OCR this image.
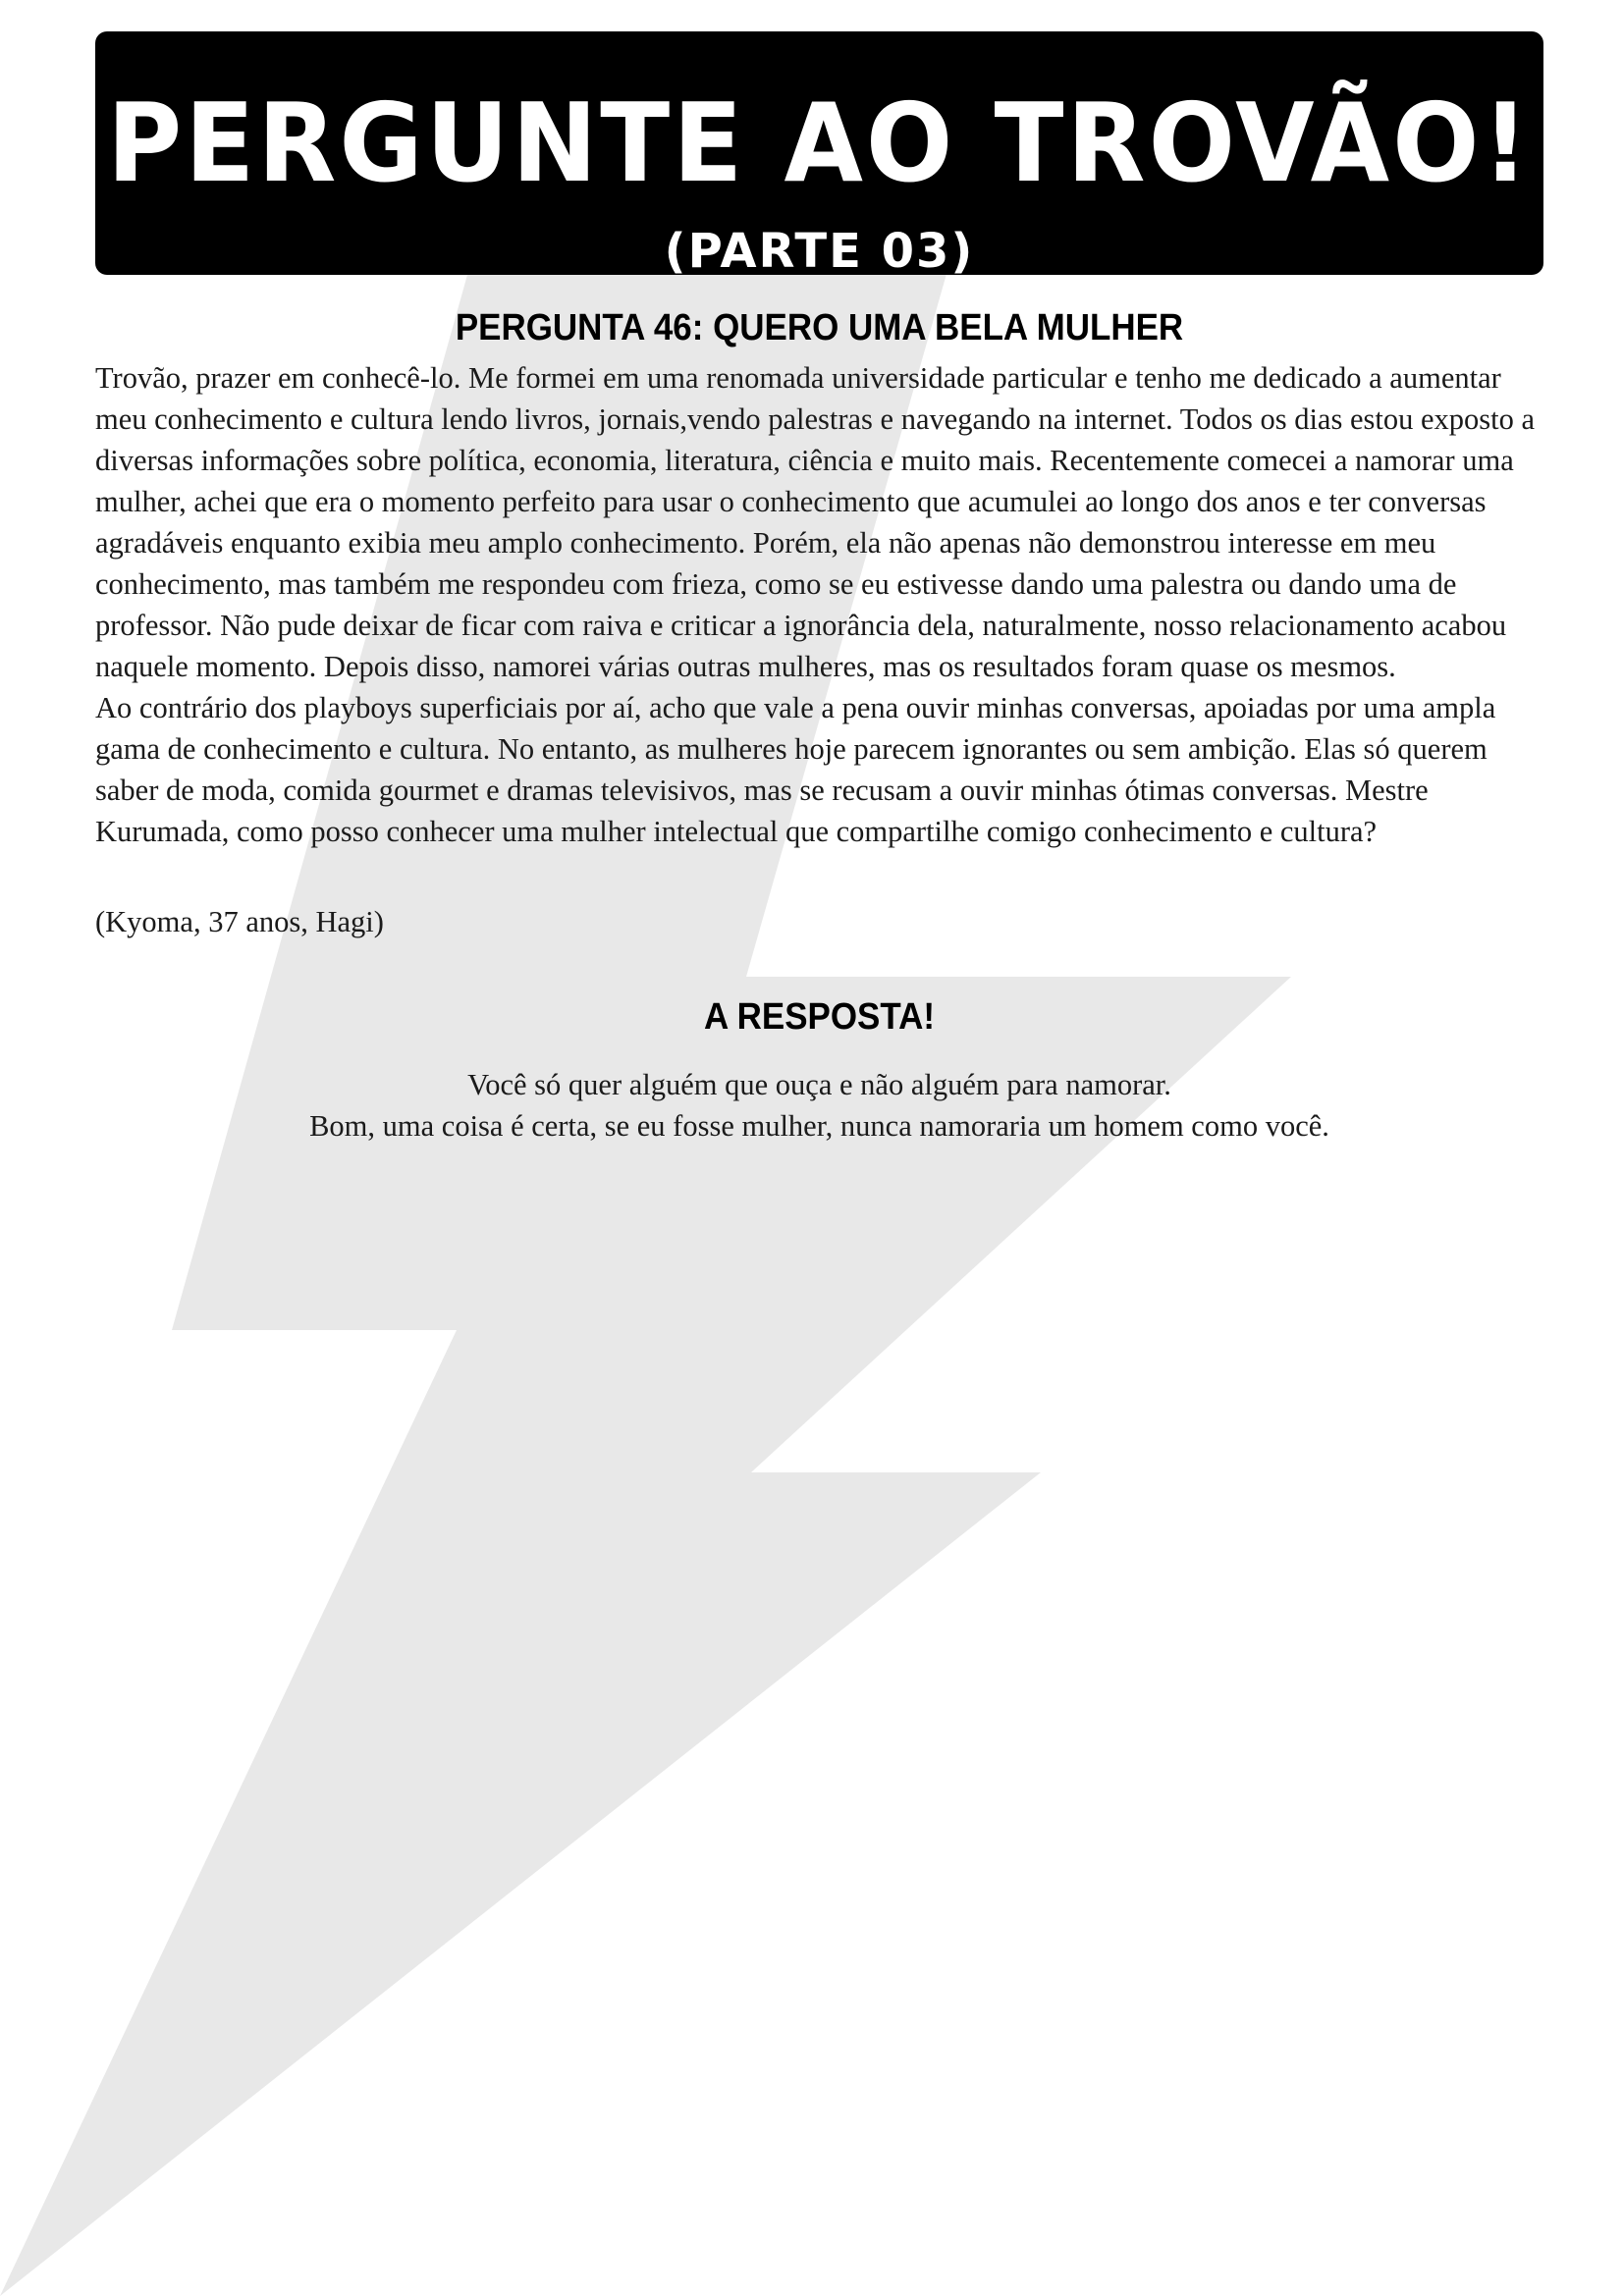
PERGUNTE AO TROVÃO!
(PARTE 03)
PERGUNTA 46: QUERO UMA BELA MULHER

Trovão, prazer em conhecê-lo. Me formei em uma renomada universidade particular e tenho me dedicado a aumentar meu conhecimento e cultura lendo livros, jornais,vendo palestras e navegando na internet. Todos os dias estou exposto a diversas informações sobre política, economia, literatura, ciência e muito mais. Recentemente comecei a namorar uma mulher, achei que era o momento perfeito para usar o conhecimento que acumulei ao longo dos anos e ter conversas agradáveis enquanto exibia meu amplo conhecimento. Porém, ela não apenas não demonstrou interesse em meu conhecimento, mas também me respondeu com frieza, como se eu estivesse dando uma palestra ou dando uma de professor. Não pude deixar de ficar com raiva e criticar a ignorância dela, naturalmente, nosso relacionamento acabou naquele momento. Depois disso, namorei várias outras mulheres, mas os resultados foram quase os mesmos.

Ao contrário dos playboys superficiais por aí, acho que vale a pena ouvir minhas conversas, apoiadas por uma ampla gama de conhecimento e cultura. No entanto, as mulheres hoje parecem ignorantes ou sem ambição. Elas só querem saber de moda, comida gourmet e dramas televisivos, mas se recusam a ouvir minhas ótimas conversas. Mestre Kurumada, como posso conhecer uma mulher intelectual que compartilhe comigo conhecimento e cultura?

(Kyoma, 37 anos, Hagi)

A RESPOSTA!

Você só quer alguém que ouça e não alguém para namorar.

Bom, uma coisa é certa, se eu fosse mulher, nunca namoraria um homem como você.
